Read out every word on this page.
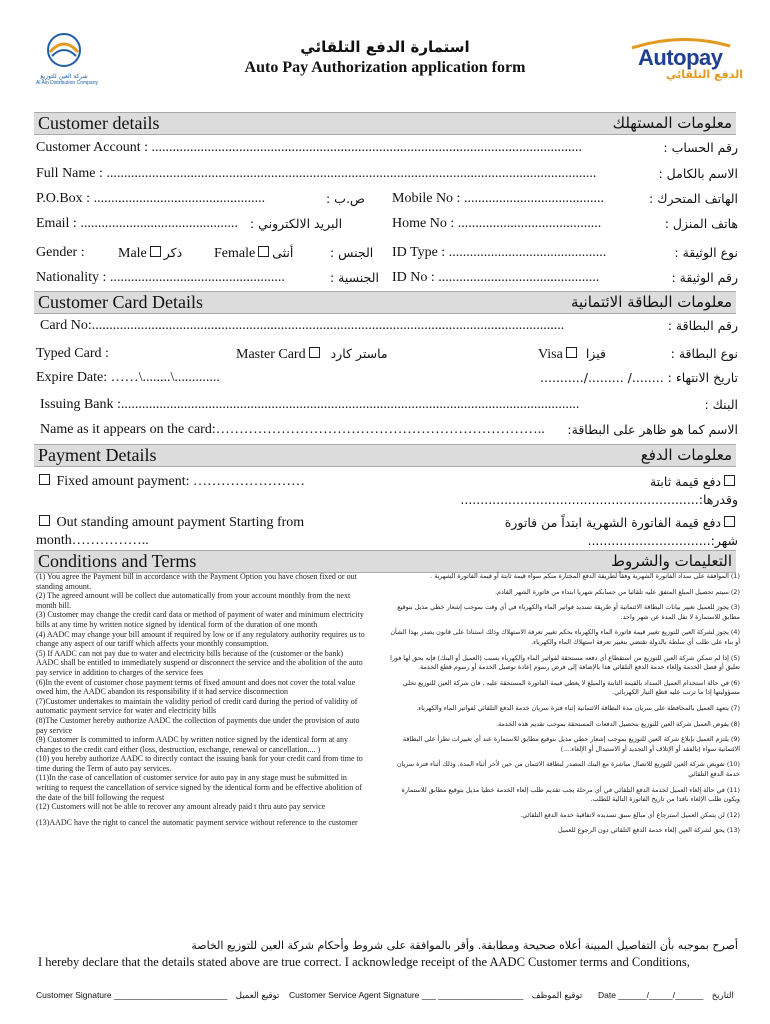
شركة العين للتوزيع
Al Ain Distribution Company
استمارة الدفع التلقائي
Auto Pay Authorization application form	Autopay
الدفع التلقائي
Customer details	معلومات المستهلك
Customer Account : ...........................................................................................................................	رقم الحساب :
Full Name : ............................................................................................................................................	الاسم بالكامل :
P.O.Box : .................................................	ص.ب : Mobile No : ........................................	الهاتف المتحرك :
Email : ............................................. البريد الالكتروني :	Home No : .........................................	هاتف المنزل :
Gender : Male ذكر Female أنثى	الجنس : ID Type : .............................................	نوع الوثيقة :
Nationality : ..................................................	الجنسية : ID No : ..............................................	رقم الوثيقة :
Customer Card Details	معلومات البطاقة الائتمانية
Card No:.......................................................................................................................................	رقم البطاقة :
Typed Card :	Master Card ماستر كارد	Visa فيزا	نوع البطاقة :
Expire Date: ……\........\.............	تاريخ الانتهاء : ......../ ........./...........
Issuing Bank :...................................................................................................................................	البنك :
Name as it appears on the card:…………………………………………………………….. الاسم كما هو ظاهر على البطاقة:
Payment Details	معلومات الدفع
Fixed amount payment: ……………………	دفع قيمة ثابتة
وقدرها:............................................................
Out standing amount payment Starting from
month……………..
دفع قيمة الفاتورة الشهرية ابتداً من فاتورة
شهر:...............................
Conditions and Terms	التعليمات والشروط

(1) You agree the Payment bill in accordance with the Payment Option you have chosen fixed or out standing amount.

(2) The agreed amount will be collect due automatically from your account monthly from the next month bill.

(3) Customer may change the credit card data or method of payment of water and minimum electricity bills at any time by written notice signed by identical form of the duration of one month

(4) AADC may change your bill amount if required by low or if any regulatory authority requires us to change any aspect of our tariff which affects your monthly consumption.

(5) If AADC can not pay due to water and electricity bills because of the (customer or the bank)

AADC shall be entitled to immediately suspend or disconnect the service and the abolition of the auto pay service in addition to charges of the service fees

(6)In the event of customer chose payment terms of fixed amount and does not cover the total value owed him, the AADC abandon its responsibility if it had service disconnection

(7)Customer undertakes to maintain the validity period of credit card during the period of validity of automatic payment service for water and electricity bills

(8)The Customer hereby authorize AADC the collection of payments due under the provision of auto pay service

(9) Customer Is committed to inform AADC by written notice signed by the identical form at any changes to the credit card either (loss, destruction, exchange, renewal or cancellation.... )

(10) you hereby authorize AADC to directly contact the issuing bank for your credit card from time to time during the Term of auto pay services.

(11)In the case of cancellation of customer service for auto pay in any stage must be submitted in writing to request the cancellation of service signed by the identical form and be effective abolition of the date of the bill following the request

(12) Customers will not be able to recover any amount already paid t thru auto pay service

(13)AADC have the right to cancel the automatic payment service without reference to the customer

(1) الموافقة على سداد الفاتورة الشهرية وفقاً لطريقة الدفع المختارة منكم سواء قيمة ثابتة أو قيمة الفاتورة الشهرية .

(2) سيتم تحصيل المبلغ المتفق عليه تلقائيا من حسابكم شهريا ابتداء من فاتورة الشهر القادم.

(3) يجوز للعميل تغيير بيانات البطاقة الائتمانية أو طريقة تسديد فواتير الماء والكهرباء في أي وقت بموجب إشعار خطي مذيل بتوقيع مطابق للاستمارة لا تقل المدة عن شهر واحد.

(4) يجوز لشركة العين للتوزيع تغيير قيمة فاتورة الماء والكهرباء بحكم تغيير تعرفة الاستهلاك وذلك استنادا على قانون يصدر بهذا الشأن أو بناء على طلب أي سلطة بالدولة تقتضي بتغيير تعرفة استهلاك الماء والكهرباء.

(5) إذا لم تتمكن شركة العين للتوزيع من استقطاع أي دفعه مستحقة لفواتير الماء والكهرباء بسبب (العميل أو البنك) فإنه يحق لها فورا تعليق أو فصل الخدمة وإلغاء خدمة الدفع التلقائي هذا بالإضافة إلى فرض رسوم إعادة توصيل الخدمة أو رسوم قطع الخدمة.

(6) في حالة استخدام العميل السداد بالقيمة الثابتة والمبلغ لا يغطي قيمة الفاتورة المستحقة عليه , فان شركة العين للتوزيع تخلي مسؤوليتها إذا ما ترتب عليه قطع التيار الكهربائي.

(7) يتعهد العميل بالمحافظة على سريان مدة البطاقة الائتمانية إثناء فترة سريان خدمة الدفع التلقائي لفواتير الماء والكهرباء.

(8) يفوض العميل شركة العين للتوزيع بتحصيل الدفعات المستحقة بموجب تقديم هذه الخدمة.

(9) يلتزم العميل بإبلاغ شركة العين للتوزيع بموجب إشعار خطي مذيل بتوقيع مطابق للاستمارة عند أي تغييرات تطرأ على البطاقة الائتمانية سواء (بالفقد أو الإتلاف أو التجديد أو الاستبدال أو الإلغاء....)

(10) تفويض شركة العين للتوزيع للاتصال مباشرة مع البنك المصدر لبطاقة الائتمان من حين لأخر أثناء المدة, وذلك أثناء فترة سريان خدمة الدفع التلقائي

(11) في حالة إلغاء العميل لخدمة الدفع التلقائي في أي مرحلة يجب تقديم طلب إلغاء الخدمة خطيا مذيل بتوقيع مطابق للاستمارة ويكون طلب الإلغاء نافذا من تاريخ الفاتورة التالية للطلب.

(12) لن يتمكن العميل استرجاع أي مبالغ سبق تسديده لاتفاقية خدمة الدفع التلقائي.

(13) يحق لشركة العين إلغاء خدمة الدفع التلقائي دون الرجوع للعميل

أصرح بموجبه بأن التفاصيل المبينة أعلاه صحيحة ومطابقة. وأقر بالموافقة على شروط وأحكام شركة العين للتوزيع الخاصة
I hereby declare that the details stated above are true correct. I acknowledge receipt of the AADC Customer terms and Conditions,
Customer Signature ________________________ توقيع العميل Customer Service Agent Signature ___ __________________ توقيع الموظف Date ______/_____/______ التاريخ
